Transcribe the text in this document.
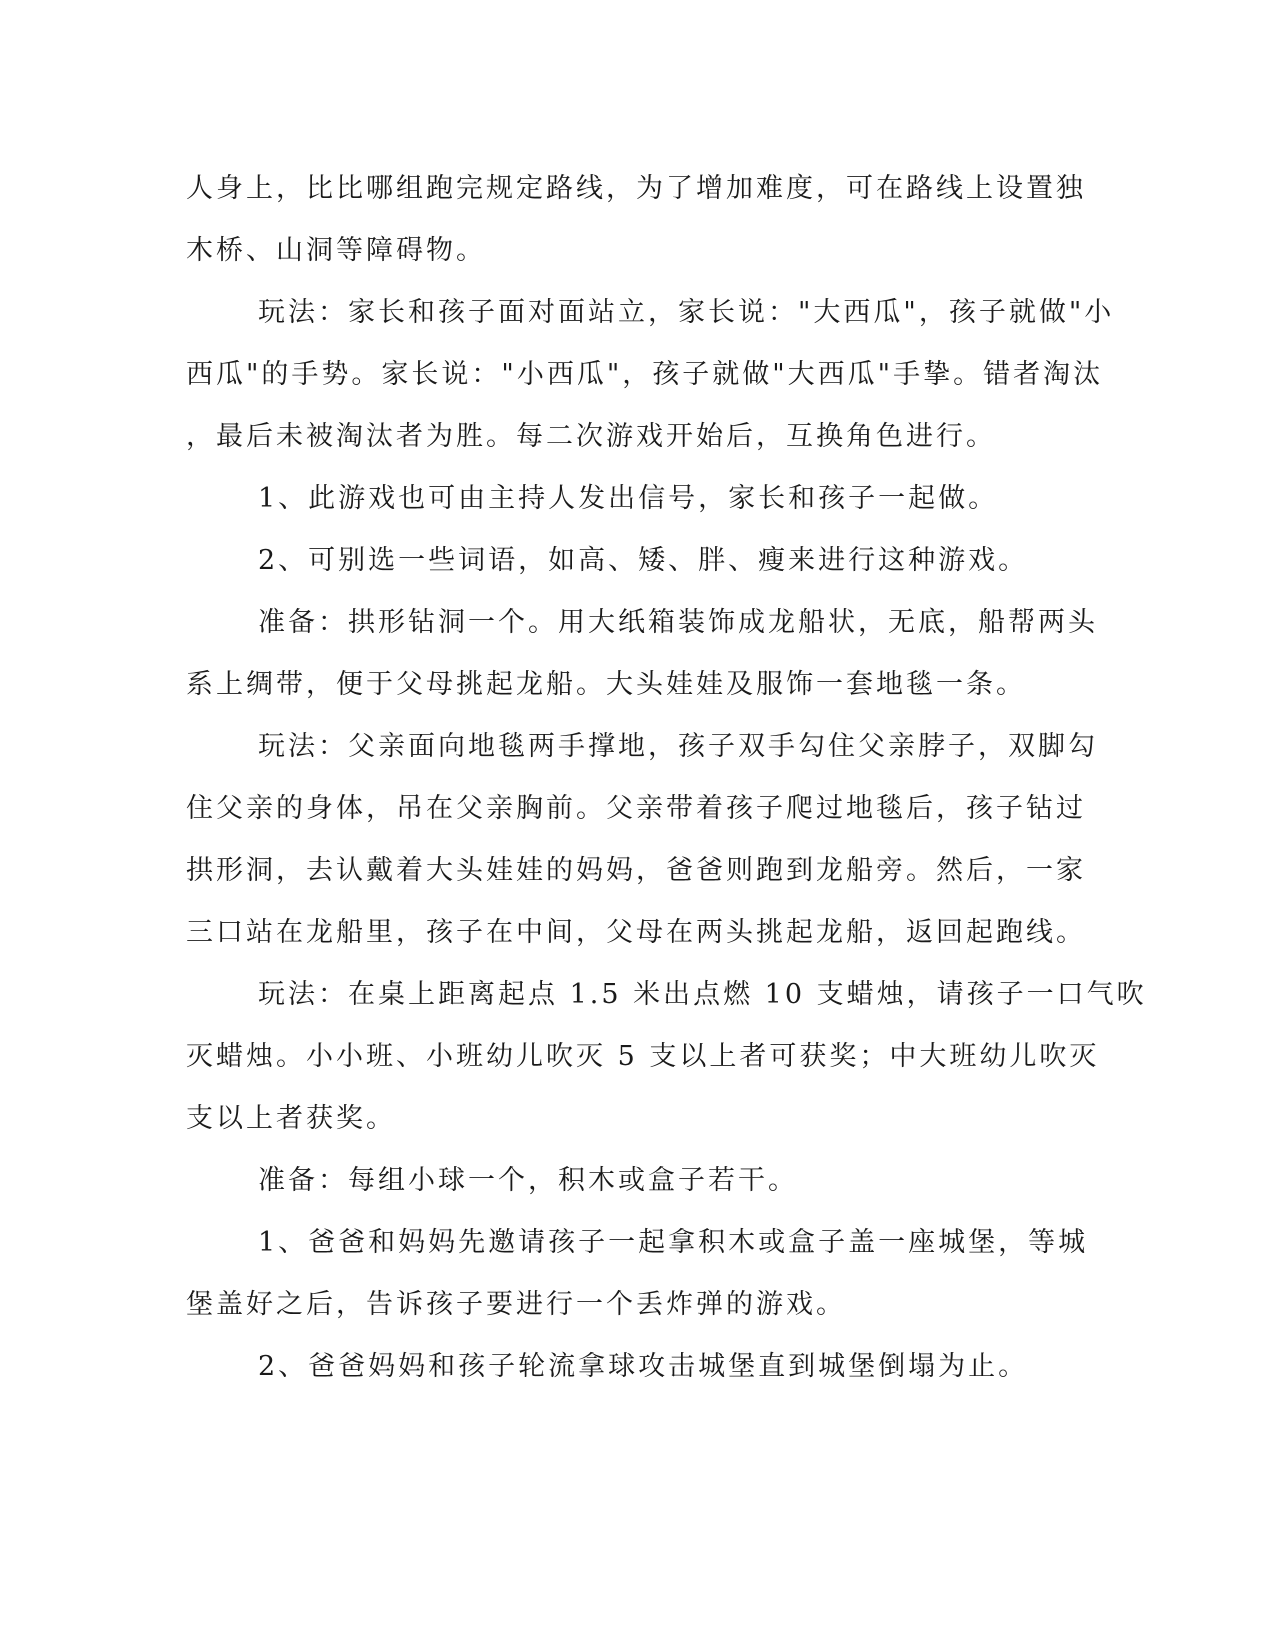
人身上，比比哪组跑完规定路线，为了增加难度，可在路线上设置独
木桥、山洞等障碍物。
玩法：家长和孩子面对面站立，家长说："大西瓜"，孩子就做"小
西瓜"的手势。家长说："小西瓜"，孩子就做"大西瓜"手挚。错者淘汰
，最后未被淘汰者为胜。每二次游戏开始后，互换角色进行。
1、此游戏也可由主持人发出信号，家长和孩子一起做。
2、可别选一些词语，如高、矮、胖、瘦来进行这种游戏。
准备：拱形钻洞一个。用大纸箱装饰成龙船状，无底，船帮两头
系上绸带，便于父母挑起龙船。大头娃娃及服饰一套地毯一条。
玩法：父亲面向地毯两手撑地，孩子双手勾住父亲脖子，双脚勾
住父亲的身体，吊在父亲胸前。父亲带着孩子爬过地毯后，孩子钻过
拱形洞，去认戴着大头娃娃的妈妈，爸爸则跑到龙船旁。然后，一家
三口站在龙船里，孩子在中间，父母在两头挑起龙船，返回起跑线。
玩法：在桌上距离起点 1.5 米出点燃 10 支蜡烛，请孩子一口气吹
灭蜡烛。小小班、小班幼儿吹灭 5 支以上者可获奖；中大班幼儿吹灭
支以上者获奖。
准备：每组小球一个，积木或盒子若干。
1、爸爸和妈妈先邀请孩子一起拿积木或盒子盖一座城堡，等城
堡盖好之后，告诉孩子要进行一个丢炸弹的游戏。
2、爸爸妈妈和孩子轮流拿球攻击城堡直到城堡倒塌为止。
